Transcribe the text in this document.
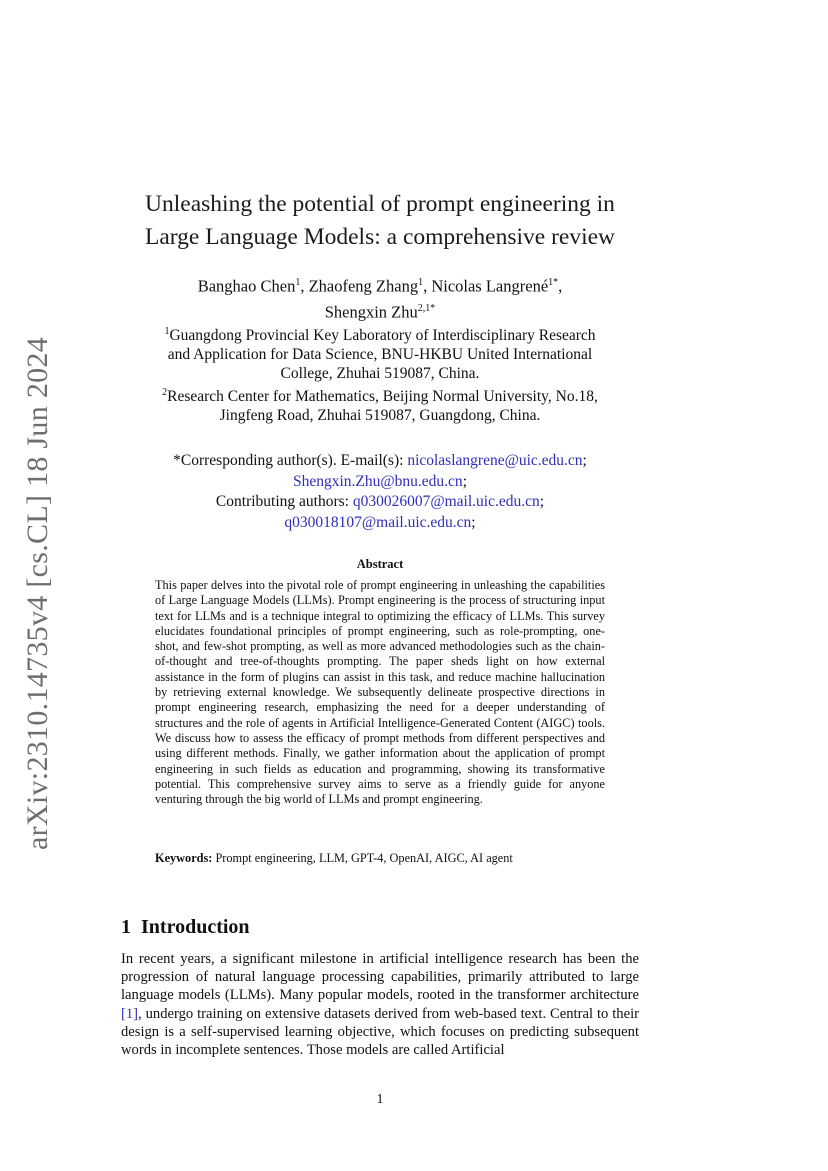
arXiv:2310.14735v4 [cs.CL] 18 Jun 2024
Unleashing the potential of prompt engineering in
Large Language Models: a comprehensive review
Banghao Chen$^1$, Zhaofeng Zhang$^1$, Nicolas Langrené$^{1*}$,
Shengxin Zhu$^{2,1*}$
$^1$Guangdong Provincial Key Laboratory of Interdisciplinary Research
and Application for Data Science, BNU-HKBU United International
College, Zhuhai 519087, China.
$^2$Research Center for Mathematics, Beijing Normal University, No.18,
Jingfeng Road, Zhuhai 519087, Guangdong, China.
*Corresponding author(s). E-mail(s): nicolaslangrene@uic.edu.cn;
Shengxin.Zhu@bnu.edu.cn;
Contributing authors: q030026007@mail.uic.edu.cn;
q030018107@mail.uic.edu.cn;
Abstract
This paper delves into the pivotal role of prompt engineering in unleashing the capabilities of Large Language Models (LLMs). Prompt engineering is the process of structuring input text for LLMs and is a technique integral to optimizing the efficacy of LLMs. This survey elucidates foundational principles of prompt engineering, such as role-prompting, one-shot, and few-shot prompting, as well as more advanced methodologies such as the chain-of-thought and tree-of-thoughts prompting. The paper sheds light on how external assistance in the form of plugins can assist in this task, and reduce machine hallucination by retrieving external knowledge. We subsequently delineate prospective directions in prompt engineering research, emphasizing the need for a deeper understanding of structures and the role of agents in Artificial Intelligence-Generated Content (AIGC) tools. We discuss how to assess the efficacy of prompt methods from different perspectives and using different methods. Finally, we gather information about the application of prompt engineering in such fields as education and programming, showing its transformative potential. This comprehensive survey aims to serve as a friendly guide for anyone venturing through the big world of LLMs and prompt engineering.
Keywords: Prompt engineering, LLM, GPT-4, OpenAI, AIGC, AI agent
1 Introduction
In recent years, a significant milestone in artificial intelligence research has been the progression of natural language processing capabilities, primarily attributed to large language models (LLMs). Many popular models, rooted in the transformer architecture [1], undergo training on extensive datasets derived from web-based text. Central to their design is a self-supervised learning objective, which focuses on predicting subsequent words in incomplete sentences. Those models are called Artificial
1
